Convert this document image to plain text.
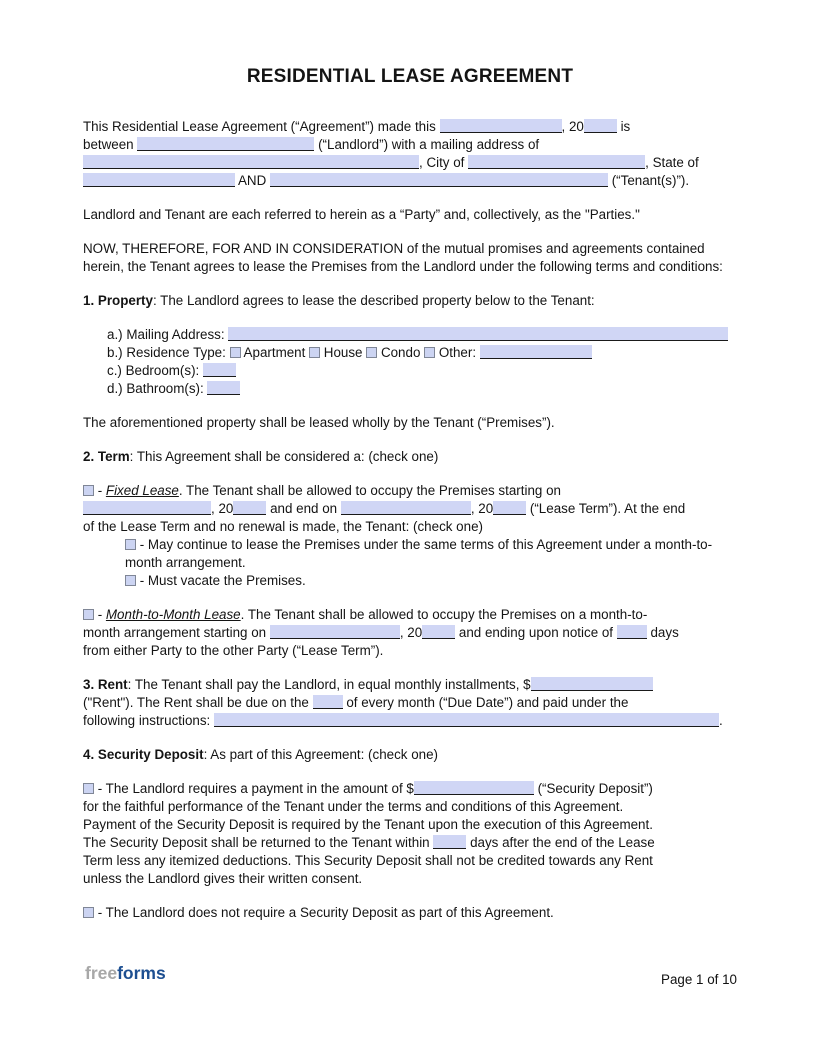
RESIDENTIAL LEASE AGREEMENT
This Residential Lease Agreement (“Agreement”) made this	, 20 is
between	(“Landlord”) with a mailing address of
, City of	, State of
AND	(“Tenant(s)”).
Landlord and Tenant are each referred to herein as a “Party” and, collectively, as the "Parties."
NOW, THEREFORE, FOR AND IN CONSIDERATION of the mutual promises and agreements contained herein, the Tenant agrees to lease the Premises from the Landlord under the following terms and conditions:
1. Property: The Landlord agrees to lease the described property below to the Tenant:
a.) Mailing Address:
b.) Residence Type:  Apartment  House  Condo  Other:
c.) Bedroom(s):
d.) Bathroom(s):
The aforementioned property shall be leased wholly by the Tenant (“Premises”).
2. Term: This Agreement shall be considered a: (check one)
- Fixed Lease. The Tenant shall be allowed to occupy the Premises starting on
, 20 and end on	, 20 (“Lease Term”). At the end
of the Lease Term and no renewal is made, the Tenant: (check one)
- May continue to lease the Premises under the same terms of this Agreement under a month-to-month arrangement.
- Must vacate the Premises.
- Month-to-Month Lease. The Tenant shall be allowed to occupy the Premises on a month-to-
month arrangement starting on	, 20 and ending upon notice of  days
from either Party to the other Party (“Lease Term”).
3. Rent: The Tenant shall pay the Landlord, in equal monthly installments, $
("Rent"). The Rent shall be due on the  of every month (“Due Date”) and paid under the
following instructions:	.
4. Security Deposit: As part of this Agreement: (check one)
- The Landlord requires a payment in the amount of $	(“Security Deposit”)
for the faithful performance of the Tenant under the terms and conditions of this Agreement.
Payment of the Security Deposit is required by the Tenant upon the execution of this Agreement.
The Security Deposit shall be returned to the Tenant within  days after the end of the Lease
Term less any itemized deductions. This Security Deposit shall not be credited towards any Rent
unless the Landlord gives their written consent.
- The Landlord does not require a Security Deposit as part of this Agreement.
freeforms	Page 1 of 10
